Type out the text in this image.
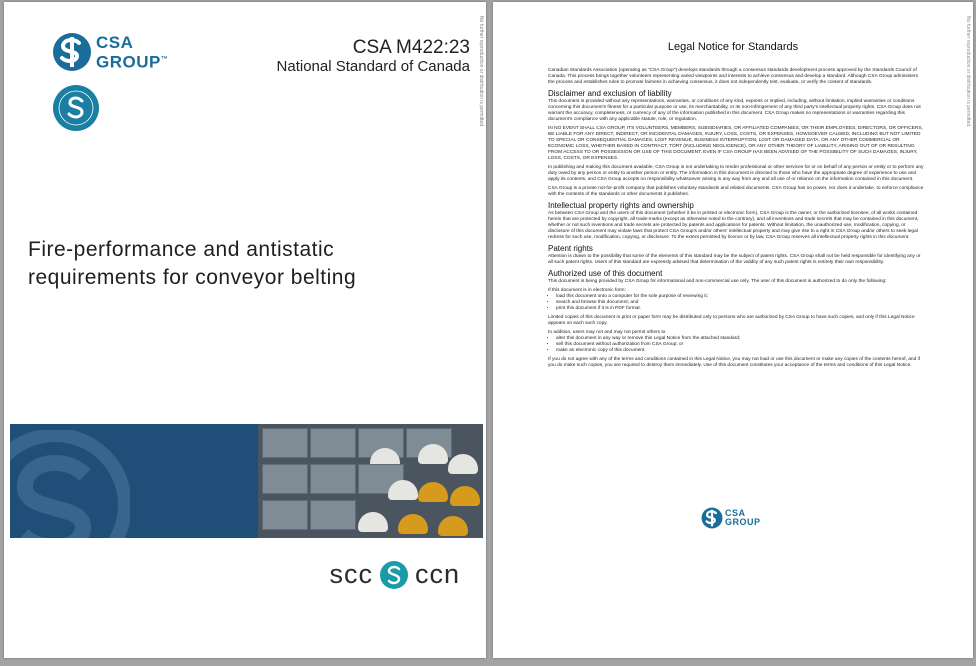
CSA
GROUP™
CSA M422:23
National Standard of Canada No further reproduction or distribution is permitted.
Fire-performance and antistatic
requirements for conveyor belting
scc ccn
No further reproduction or distribution is permitted.
Legal Notice for Standards

Canadian Standards Association (operating as “CSA Group”) develops standards through a consensus standards development process approved by the Standards Council of Canada. This process brings together volunteers representing varied viewpoints and interests to achieve consensus and develop a standard. Although CSA Group administers the process and establishes rules to promote fairness in achieving consensus, it does not independently test, evaluate, or verify the content of standards.

Disclaimer and exclusion of liability

This document is provided without any representations, warranties, or conditions of any kind, express or implied, including, without limitation, implied warranties or conditions concerning this document’s fitness for a particular purpose or use, its merchantability, or its non-infringement of any third party’s intellectual property rights. CSA Group does not warrant the accuracy, completeness, or currency of any of the information published in this document. CSA Group makes no representations or warranties regarding this document’s compliance with any applicable statute, rule, or regulation.

IN NO EVENT SHALL CSA GROUP, ITS VOLUNTEERS, MEMBERS, SUBSIDIARIES, OR AFFILIATED COMPANIES, OR THEIR EMPLOYEES, DIRECTORS, OR OFFICERS, BE LIABLE FOR ANY DIRECT, INDIRECT, OR INCIDENTAL DAMAGES, INJURY, LOSS, COSTS, OR EXPENSES, HOWSOEVER CAUSED, INCLUDING BUT NOT LIMITED TO SPECIAL OR CONSEQUENTIAL DAMAGES, LOST REVENUE, BUSINESS INTERRUPTION, LOST OR DAMAGED DATA, OR ANY OTHER COMMERCIAL OR ECONOMIC LOSS, WHETHER BASED IN CONTRACT, TORT (INCLUDING NEGLIGENCE), OR ANY OTHER THEORY OF LIABILITY, ARISING OUT OF OR RESULTING FROM ACCESS TO OR POSSESSION OR USE OF THIS DOCUMENT, EVEN IF CSA GROUP HAS BEEN ADVISED OF THE POSSIBILITY OF SUCH DAMAGES, INJURY, LOSS, COSTS, OR EXPENSES.

In publishing and making this document available, CSA Group is not undertaking to render professional or other services for or on behalf of any person or entity or to perform any duty owed by any person or entity to another person or entity. The information in this document is directed to those who have the appropriate degree of experience to use and apply its contents, and CSA Group accepts no responsibility whatsoever arising in any way from any and all use of or reliance on the information contained in this document.

CSA Group is a private not-for-profit company that publishes voluntary standards and related documents. CSA Group has no power, nor does it undertake, to enforce compliance with the contents of the standards or other documents it publishes.

Intellectual property rights and ownership

As between CSA Group and the users of this document (whether it be in printed or electronic form), CSA Group is the owner, or the authorized licensee, of all works contained herein that are protected by copyright, all trade-marks (except as otherwise noted to the contrary), and all inventions and trade secrets that may be contained in this document, whether or not such inventions and trade secrets are protected by patents and applications for patents. Without limitation, the unauthorized use, modification, copying, or disclosure of this document may violate laws that protect CSA Group’s and/or others’ intellectual property and may give rise to a right in CSA Group and/or others to seek legal redress for such use, modification, copying, or disclosure. To the extent permitted by licence or by law, CSA Group reserves all intellectual property rights in this document.

Patent rights

Attention is drawn to the possibility that some of the elements of this standard may be the subject of patent rights. CSA Group shall not be held responsible for identifying any or all such patent rights. Users of this standard are expressly advised that determination of the validity of any such patent rights is entirely their own responsibility.

Authorized use of this document

This document is being provided by CSA Group for informational and non-commercial use only. The user of this document is authorized to do only the following:

If this document is in electronic form:

• load this document onto a computer for the sole purpose of reviewing it;
• search and browse this document; and
• print this document if it is in PDF format.

Limited copies of this document in print or paper form may be distributed only to persons who are authorized by CSA Group to have such copies, and only if this Legal Notice appears on each such copy.

In addition, users may not and may not permit others to

• alter this document in any way or remove this Legal Notice from the attached standard;
• sell this document without authorization from CSA Group; or
• make an electronic copy of this document.

If you do not agree with any of the terms and conditions contained in this Legal Notice, you may not load or use this document or make any copies of the contents hereof, and if you do make such copies, you are required to destroy them immediately. Use of this document constitutes your acceptance of the terms and conditions of this Legal Notice.

CSA
GROUP
